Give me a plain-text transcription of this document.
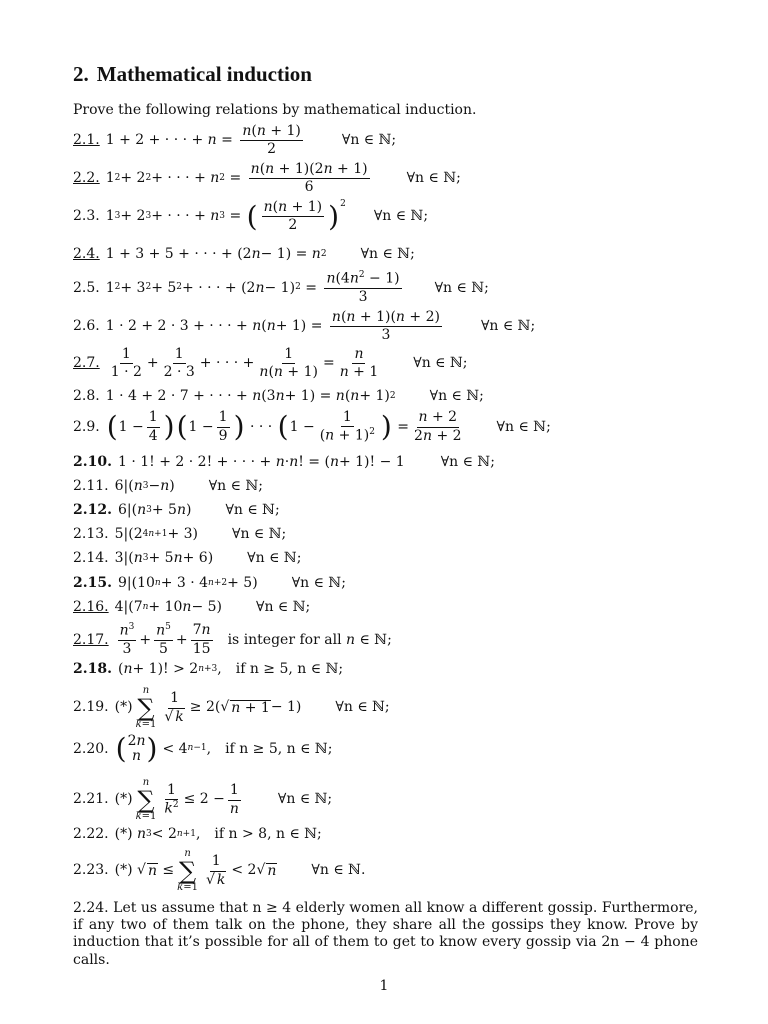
2. Mathematical induction
Prove the following relations by mathematical induction.
2.1. 1 + 2 + · · · + $n = \frac{n(n + 1)}{2}$	∀n ∈ ℕ;
2.2. 1 2 + 2 2 + · · · + n $2 = \frac{n(n + 1)(2n + 1)}{6}$	∀n ∈ ℕ;
2.3. 1 3 + 2 3 + · · · + n 3 = ( $\frac{n(n + 1)}{2} )^2$
∀n ∈ ℕ;
2.4. 1 + 3 + 5 + · · · + (2 n − 1) = n 2 ∀n ∈ ℕ;
2.5. 1 2 + 3 2 + 5 2 + · · · + (2 n − 1) $2 = \frac{n(4n^2 - 1)}{3}$ ∀n ∈ ℕ;
2.6. 1 · 2 + 2 · 3 + · · · + n ( $n + 1) = \frac{n(n + 1)(n + 2)}{3}$	∀n ∈ ℕ;
2.7. $\frac{1}{1 \cdot 2} + \frac{1}{2 \cdot 3}$ + · · · + $\frac{1}{n(n + 1)} = \frac{n}{n + 1}$ ∀n ∈ ℕ;
2.8. 1 · 4 + 2 · 7 + · · · + n (3 n + 1) = n ( n + 1) 2 ∀n ∈ ℕ;
2.9. ( $1 - \frac{1}{4}$ ) ( $1 - \frac{1}{9}$ ) · · · ( $1 - \frac{1}{(n + 1)^2}$ ) = $\frac{n + 2}{2n + 2}$ ∀n ∈ ℕ;
2.10. 1 · 1! + 2 · 2! + · · · + n · n ! = ( n + 1)! − 1	∀n ∈ ℕ;
2.11. 6|( n 3 − n ) ∀n ∈ ℕ;
2.12. 6|( n 3 + 5 n ) ∀n ∈ ℕ;
2.13. 5|(2 4n+1 + 3) ∀n ∈ ℕ;
2.14. 3|( n 3 + 5 n + 6) ∀n ∈ ℕ;
2.15. 9|(10 n + 3 · 4 n+2 + 5) ∀n ∈ ℕ;
2.16. 4|(7 n + 10 n − 5) ∀n ∈ ℕ;
2.17. $\frac{n^3}{3} + \frac{n^5}{5} + \frac{7n}{15}$ is integer for all
n ∈ ℕ;
2.18. ( n + 1)! > 2 n+3 , if n ≥ 5, n ∈ ℕ;
2.19. (*)
n
∑
$k=1 \frac{1}{√ k} \ge 2(√$ n + 1 − 1) ∀n ∈ ℕ;
2.20. ( 2n
n ) < 4 n−1 , if n ≥ 5, n ∈ ℕ;
2.21. (*)
n
∑
$k=1 \frac{1}{k^2} \le 2 - \frac{1}{n}$	∀n ∈ ℕ;
2.22. (*)
n 3 < 2 n+1 , if n > 8, n ∈ ℕ;
2.23. (*) √ n ≤
n
∑
$k=1 \frac{1}{√ k} < 2√$ n	∀n ∈ ℕ.
2.24. Let us assume that n ≥ 4 elderly women all know a different gossip. Furthermore, if any two of them talk on the phone, they share all the gossips they know. Prove by induction that it’s possible for all of them to get to know every gossip via 2n − 4 phone calls.
1
